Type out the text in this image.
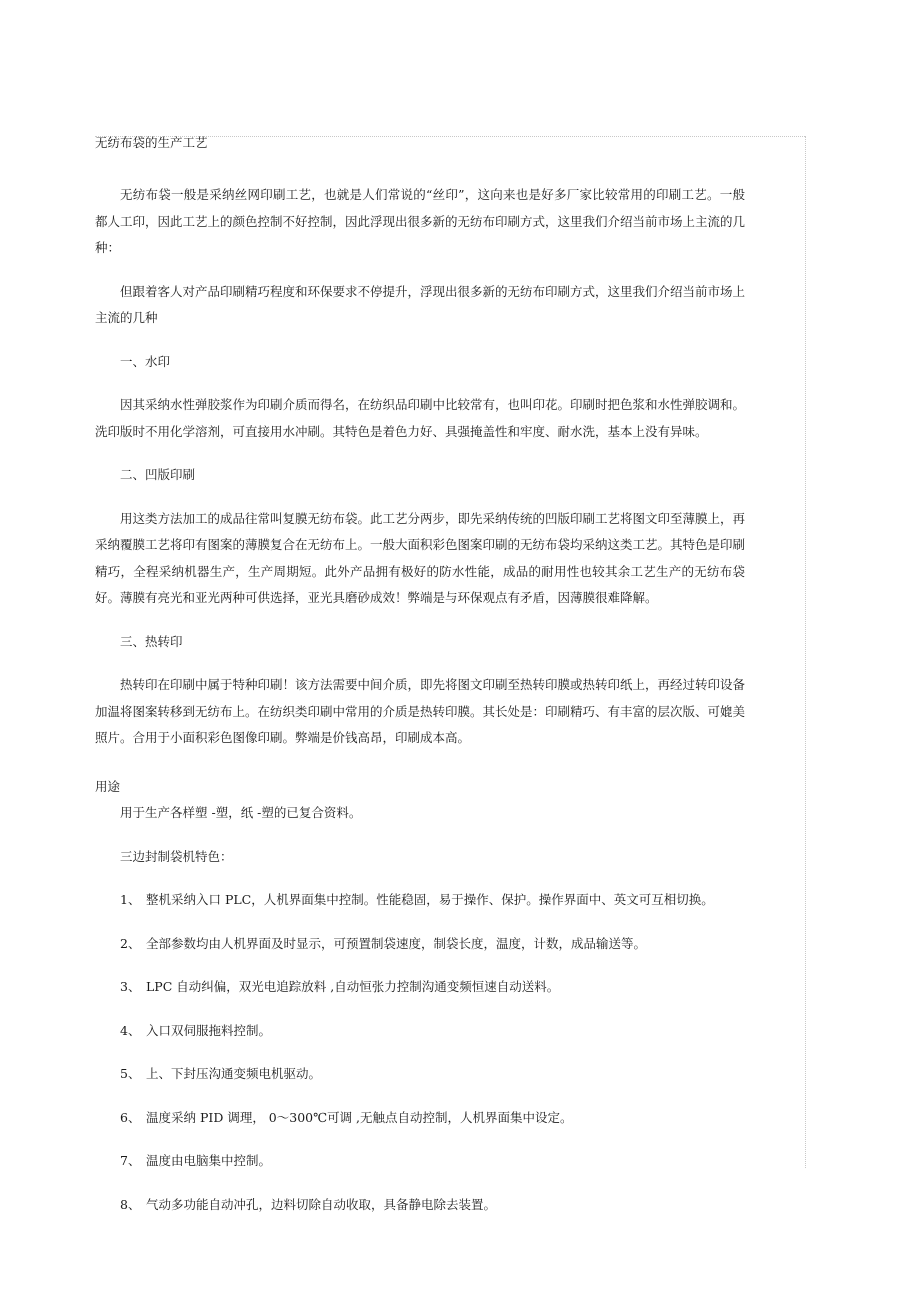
无纺布袋的生产工艺

无纺布袋一般是采纳丝网印刷工艺，也就是人们常说的“丝印”，这向来也是好多厂家比较常用的印刷工艺。一般都人工印，因此工艺上的颜色控制不好控制，因此浮现出很多新的无纺布印刷方式，这里我们介绍当前市场上主流的几种：

但跟着客人对产品印刷精巧程度和环保要求不停提升，浮现出很多新的无纺布印刷方式，这里我们介绍当前市场上主流的几种

一、水印

因其采纳水性弹胶浆作为印刷介质而得名，在纺织品印刷中比较常有，也叫印花。印刷时把色浆和水性弹胶调和。洗印版时不用化学溶剂，可直接用水冲刷。其特色是着色力好、具强掩盖性和牢度、耐水洗，基本上没有异味。

二、凹版印刷

用这类方法加工的成品往常叫复膜无纺布袋。此工艺分两步，即先采纳传统的凹版印刷工艺将图文印至薄膜上，再采纳覆膜工艺将印有图案的薄膜复合在无纺布上。一般大面积彩色图案印刷的无纺布袋均采纳这类工艺。其特色是印刷精巧，全程采纳机器生产，生产周期短。此外产品拥有极好的防水性能，成品的耐用性也较其余工艺生产的无纺布袋好。薄膜有亮光和亚光两种可供选择，亚光具磨砂成效！弊端是与环保观点有矛盾，因薄膜很难降解。

三、热转印

热转印在印刷中属于特种印刷！该方法需要中间介质，即先将图文印刷至热转印膜或热转印纸上，再经过转印设备加温将图案转移到无纺布上。在纺织类印刷中常用的介质是热转印膜。其长处是：印刷精巧、有丰富的层次版、可媲美照片。合用于小面积彩色图像印刷。弊端是价钱高昂，印刷成本高。

用途

用于生产各样塑 -塑，纸 -塑的已复合资料。

三边封制袋机特色：

1、 整机采纳入口 PLC，人机界面集中控制。性能稳固，易于操作、保护。操作界面中、英文可互相切换。

2、 全部参数均由人机界面及时显示，可预置制袋速度，制袋长度，温度，计数，成品输送等。

3、 LPC 自动纠偏，双光电追踪放料 ,自动恒张力控制沟通变频恒速自动送料。

4、 入口双伺服拖料控制。

5、 上、下封压沟通变频电机驱动。

6、 温度采纳 PID 调理， 0～300℃可调 ,无触点自动控制，人机界面集中设定。

7、 温度由电脑集中控制。

8、 气动多功能自动冲孔，边料切除自动收取，具备静电除去装置。
